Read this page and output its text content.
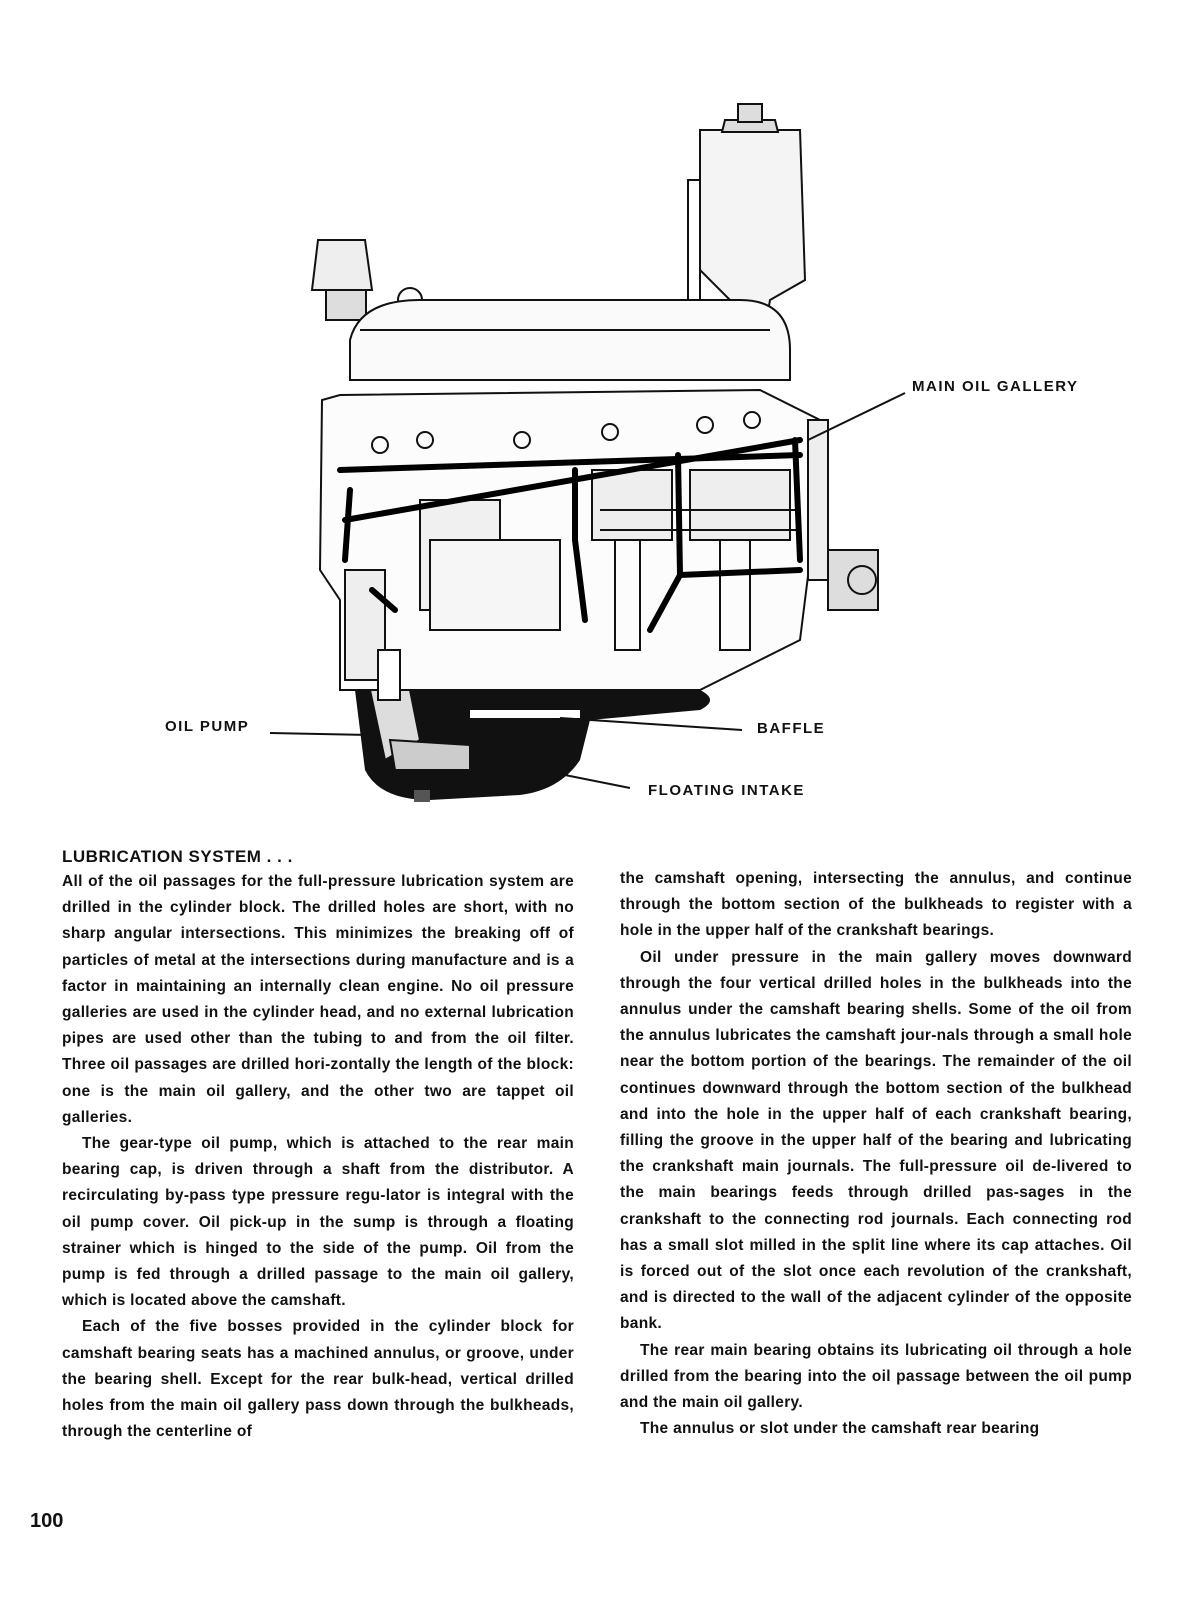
MAIN OIL GALLERY
OIL PUMP	BAFFLE
FLOATING INTAKE
LUBRICATION SYSTEM . . .

All of the oil passages for the full-pressure lubrication system are drilled in the cylinder block. The drilled holes are short, with no sharp angular intersections. This minimizes the breaking off of particles of metal at the intersections during manufacture and is a factor in maintaining an internally clean engine. No oil pressure galleries are used in the cylinder head, and no external lubrication pipes are used other than the tubing to and from the oil filter. Three oil passages are drilled hori-zontally the length of the block: one is the main oil gallery, and the other two are tappet oil galleries.

The gear-type oil pump, which is attached to the rear main bearing cap, is driven through a shaft from the distributor. A recirculating by-pass type pressure regu-lator is integral with the oil pump cover. Oil pick-up in the sump is through a floating strainer which is hinged to the side of the pump. Oil from the pump is fed through a drilled passage to the main oil gallery, which is located above the camshaft.

Each of the five bosses provided in the cylinder block for camshaft bearing seats has a machined annulus, or groove, under the bearing shell. Except for the rear bulk-head, vertical drilled holes from the main oil gallery pass down through the bulkheads, through the centerline of

the camshaft opening, intersecting the annulus, and continue through the bottom section of the bulkheads to register with a hole in the upper half of the crankshaft bearings.

Oil under pressure in the main gallery moves downward through the four vertical drilled holes in the bulkheads into the annulus under the camshaft bearing shells. Some of the oil from the annulus lubricates the camshaft jour-nals through a small hole near the bottom portion of the bearings. The remainder of the oil continues downward through the bottom section of the bulkhead and into the hole in the upper half of each crankshaft bearing, filling the groove in the upper half of the bearing and lubricating the crankshaft main journals. The full-pressure oil de-livered to the main bearings feeds through drilled pas-sages in the crankshaft to the connecting rod journals. Each connecting rod has a small slot milled in the split line where its cap attaches. Oil is forced out of the slot once each revolution of the crankshaft, and is directed to the wall of the adjacent cylinder of the opposite bank.

The rear main bearing obtains its lubricating oil through a hole drilled from the bearing into the oil passage between the oil pump and the main oil gallery.

The annulus or slot under the camshaft rear bearing

100
